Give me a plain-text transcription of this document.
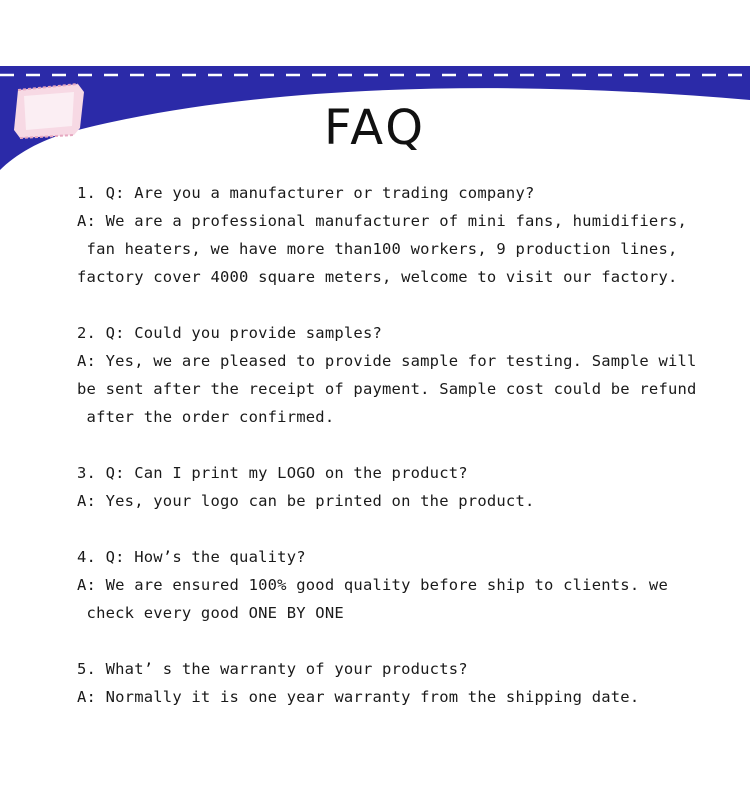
FAQ
1. Q: Are you a manufacturer or trading company?
A: We are a professional manufacturer of mini fans, humidifiers,
fan heaters, we have more than100 workers, 9 production lines,
factory cover 4000 square meters, welcome to visit our factory.
2. Q: Could you provide samples?
A: Yes, we are pleased to provide sample for testing. Sample will
be sent after the receipt of payment. Sample cost could be refund
after the order confirmed.
3. Q: Can I print my LOGO on the product?
A: Yes, your logo can be printed on the product.
4. Q: How’s the quality?
A: We are ensured 100% good quality before ship to clients. we
check every good ONE BY ONE
5. What’ s the warranty of your products?
A: Normally it is one year warranty from the shipping date.
